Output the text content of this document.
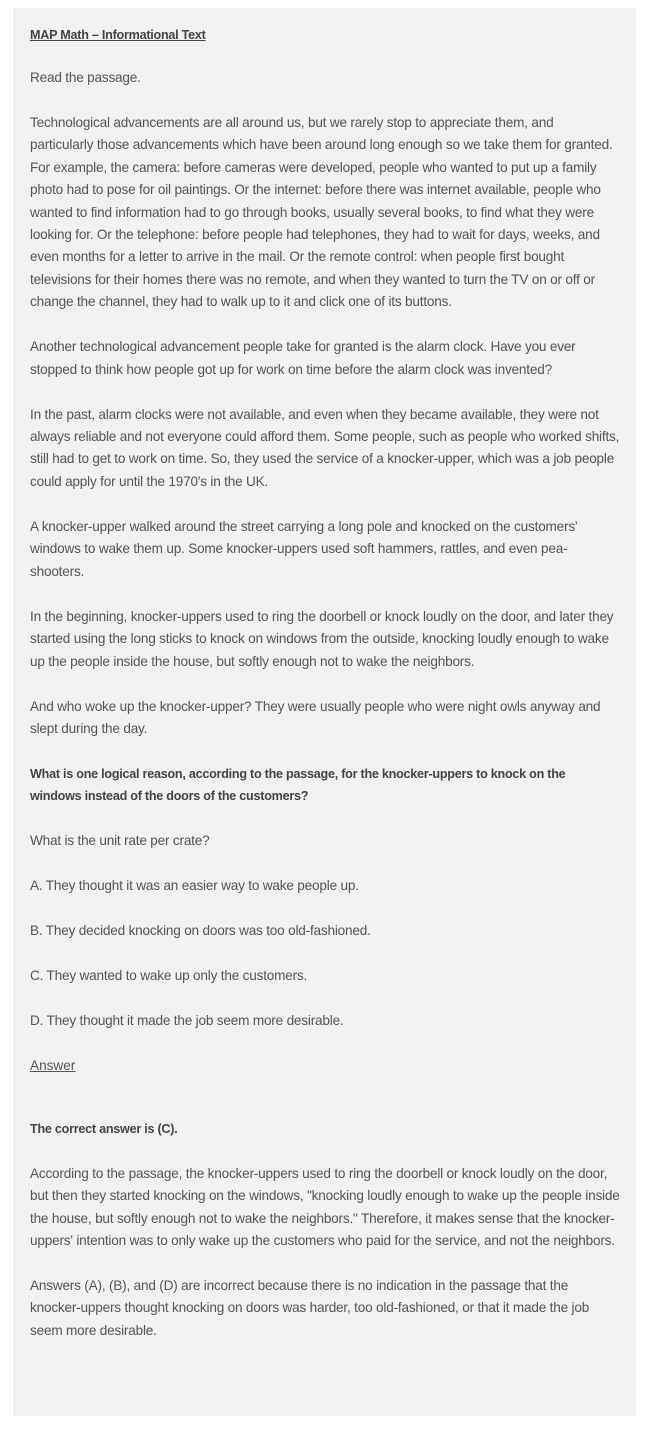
MAP Math – Informational Text
Read the passage.
Technological advancements are all around us, but we rarely stop to appreciate them, and particularly those advancements which have been around long enough so we take them for granted. For example, the camera: before cameras were developed, people who wanted to put up a family photo had to pose for oil paintings. Or the internet: before there was internet available, people who wanted to find information had to go through books, usually several books, to find what they were looking for. Or the telephone: before people had telephones, they had to wait for days, weeks, and even months for a letter to arrive in the mail. Or the remote control: when people first bought televisions for their homes there was no remote, and when they wanted to turn the TV on or off or change the channel, they had to walk up to it and click one of its buttons.
Another technological advancement people take for granted is the alarm clock. Have you ever stopped to think how people got up for work on time before the alarm clock was invented?
In the past, alarm clocks were not available, and even when they became available, they were not always reliable and not everyone could afford them. Some people, such as people who worked shifts, still had to get to work on time. So, they used the service of a knocker-upper, which was a job people could apply for until the 1970's in the UK.
A knocker-upper walked around the street carrying a long pole and knocked on the customers' windows to wake them up. Some knocker-uppers used soft hammers, rattles, and even pea-shooters.
In the beginning, knocker-uppers used to ring the doorbell or knock loudly on the door, and later they started using the long sticks to knock on windows from the outside, knocking loudly enough to wake up the people inside the house, but softly enough not to wake the neighbors.
And who woke up the knocker-upper? They were usually people who were night owls anyway and slept during the day.
What is one logical reason, according to the passage, for the knocker-uppers to knock on the windows instead of the doors of the customers?
What is the unit rate per crate?
A. They thought it was an easier way to wake people up.
B. They decided knocking on doors was too old-fashioned.
C. They wanted to wake up only the customers.
D. They thought it made the job seem more desirable.
Answer
The correct answer is (C).
According to the passage, the knocker-uppers used to ring the doorbell or knock loudly on the door, but then they started knocking on the windows, "knocking loudly enough to wake up the people inside the house, but softly enough not to wake the neighbors." Therefore, it makes sense that the knocker-uppers' intention was to only wake up the customers who paid for the service, and not the neighbors.
Answers (A), (B), and (D) are incorrect because there is no indication in the passage that the knocker-uppers thought knocking on doors was harder, too old-fashioned, or that it made the job seem more desirable.
